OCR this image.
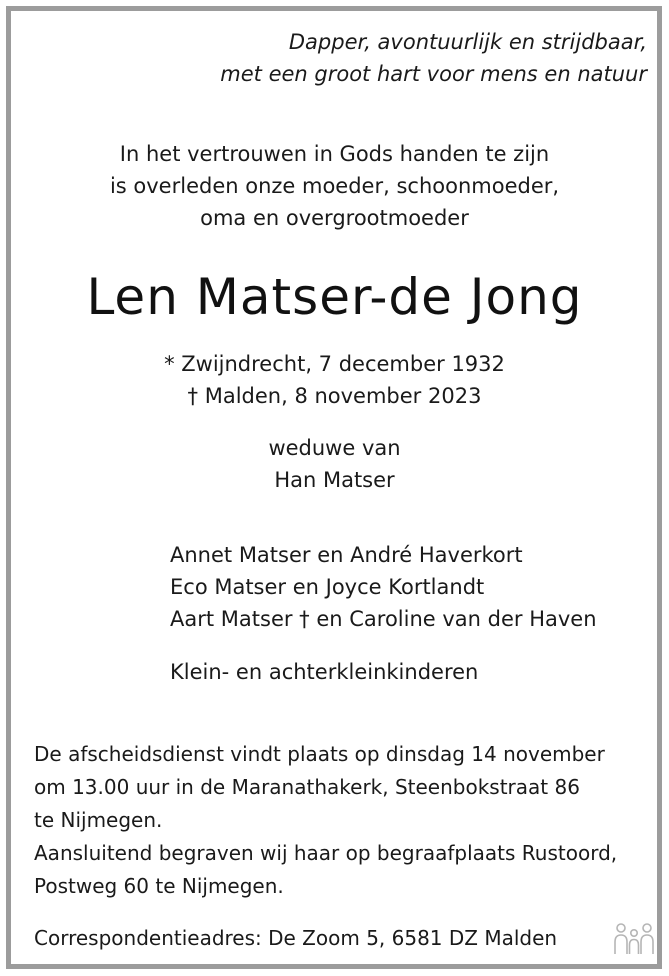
Dapper, avontuurlijk en strijdbaar,
met een groot hart voor mens en natuur
In het vertrouwen in Gods handen te zijn
is overleden onze moeder, schoonmoeder,
oma en overgrootmoeder
Len Matser-de Jong
* Zwijndrecht, 7 december 1932
† Malden, 8 november 2023
weduwe van
Han Matser
Annet Matser en André Haverkort
Eco Matser en Joyce Kortlandt
Aart Matser † en Caroline van der Haven
Klein- en achterkleinkinderen
De afscheidsdienst vindt plaats op dinsdag 14 november
om 13.00 uur in de Maranathakerk, Steenbokstraat 86
te Nijmegen.
Aansluitend begraven wij haar op begraafplaats Rustoord,
Postweg 60 te Nijmegen.
Correspondentieadres: De Zoom 5, 6581 DZ Malden
